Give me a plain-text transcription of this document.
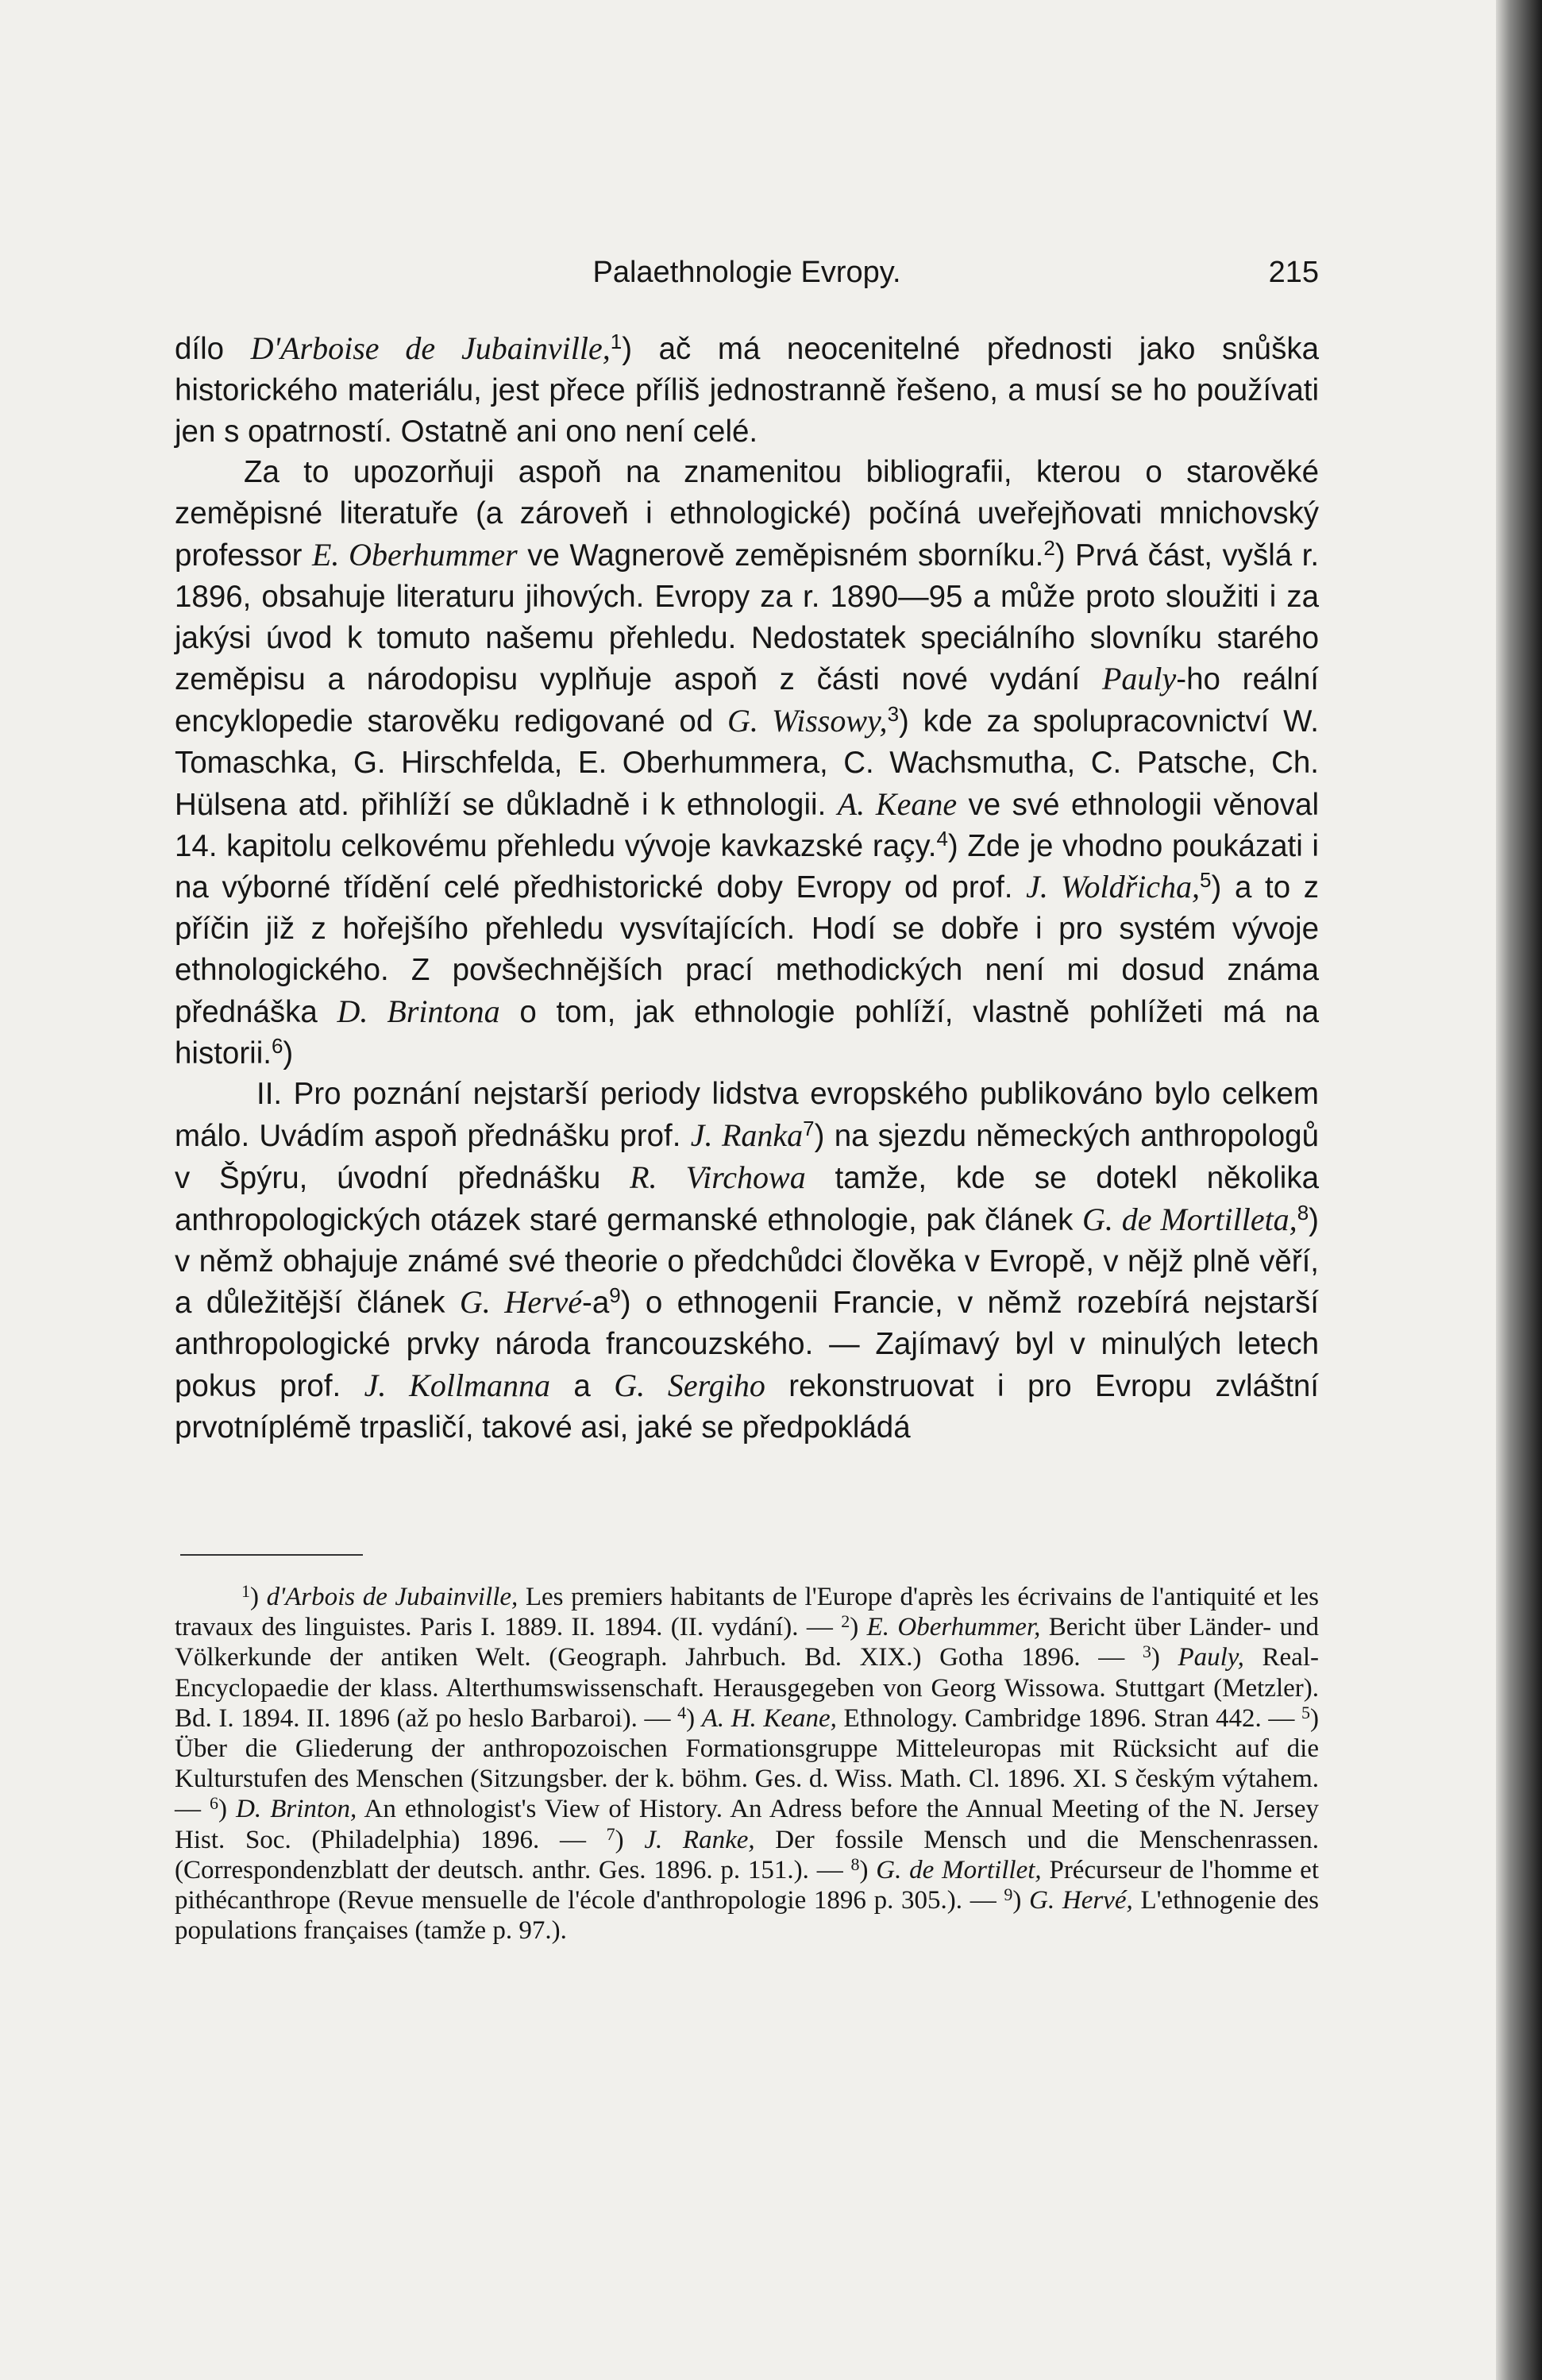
Palaethnologie Evropy.	215

dílo D'Arboise de Jubainville,$^1$) ač má neocenitelné přednosti jako snůška historického materiálu, jest přece příliš jednostranně řešeno, a musí se ho používati jen s opatrností. Ostatně ani ono není celé.

Za to upozorňuji aspoň na znamenitou bibliografii, kterou o starověké zeměpisné literatuře (a zároveň i ethnologické) počíná uveřejňovati mnichovský professor E. Oberhummer ve Wagnerově zeměpisném sborníku.$^2$) Prvá část, vyšlá r. 1896, obsahuje literaturu jihových. Evropy za r. 1890—95 a může proto sloužiti i za jakýsi úvod k tomuto našemu přehledu. Nedostatek speciálního slovníku starého zeměpisu a národopisu vyplňuje aspoň z části nové vydání Pauly-ho reální encyklopedie starověku redigované od G. Wissowy,$^3$) kde za spolupracovnictví W. Tomaschka, G. Hirschfelda, E. Oberhummera, C. Wachsmutha, C. Patsche, Ch. Hülsena atd. přihlíží se důkladně i k ethnologii. A. Keane ve své ethnologii věnoval 14. kapitolu celkovému přehledu vývoje kavkazské raçy.$^4$) Zde je vhodno poukázati i na výborné třídění celé předhistorické doby Evropy od prof. J. Woldřicha,$^5$) a to z příčin již z hořejšího přehledu vysvítajících. Hodí se dobře i pro systém vývoje ethnologického. Z povšechnějších prací methodických není mi dosud známa přednáška D. Brintona o tom, jak ethnologie pohlíží, vlastně pohlížeti má na historii.$^6$)

II. Pro poznání nejstarší periody lidstva evropského publikováno bylo celkem málo. Uvádím aspoň přednášku prof. J. Ranka$^7$) na sjezdu německých anthropologů v Špýru, úvodní přednášku R. Virchowa tamže, kde se dotekl několika anthropologických otázek staré germanské ethnologie, pak článek G. de Mortilleta,$^8$) v němž obhajuje známé své theorie o předchůdci člověka v Evropě, v nějž plně věří, a důležitější článek G. Hervé-$a^9$) o ethnogenii Francie, v němž rozebírá nejstarší anthropologické prvky národa francouzského. — Zajímavý byl v minulých letech pokus prof. J. Kollmanna a G. Sergiho rekonstruovat i pro Evropu zvláštní prvotníplémě trpasličí, takové asi, jaké se předpokládá

$^1$) d'Arbois de Jubainville, Les premiers habitants de l'Europe d'après les écrivains de l'antiquité et les travaux des linguistes. Paris I. 1889. II. 1894. (II. vydání). — $^2$) E. Oberhummer, Bericht über Länder- und Völkerkunde der antiken Welt. (Geograph. Jahrbuch. Bd. XIX.) Gotha 1896. — $^3$) Pauly, Real-Encyclopaedie der klass. Alterthumswissenschaft. Herausgegeben von Georg Wissowa. Stuttgart (Metzler). Bd. I. 1894. II. 1896 (až po heslo Barbaroi). — $^4$) A. H. Keane, Ethnology. Cambridge 1896. Stran 442. — $^5$) Über die Gliederung der anthropozoischen Formationsgruppe Mitteleuropas mit Rücksicht auf die Kulturstufen des Menschen (Sitzungsber. der k. böhm. Ges. d. Wiss. Math. Cl. 1896. XI. S českým výtahem. — $^6$) D. Brinton, An ethnologist's View of History. An Adress before the Annual Meeting of the N. Jersey Hist. Soc. (Philadelphia) 1896. — $^7$) J. Ranke, Der fossile Mensch und die Menschenrassen. (Correspondenzblatt der deutsch. anthr. Ges. 1896. p. 151.). — $^8$) G. de Mortillet, Précurseur de l'homme et pithécanthrope (Revue mensuelle de l'école d'anthropologie 1896 p. 305.). — $^9$) G. Hervé, L'ethnogenie des populations françaises (tamže p. 97.).
